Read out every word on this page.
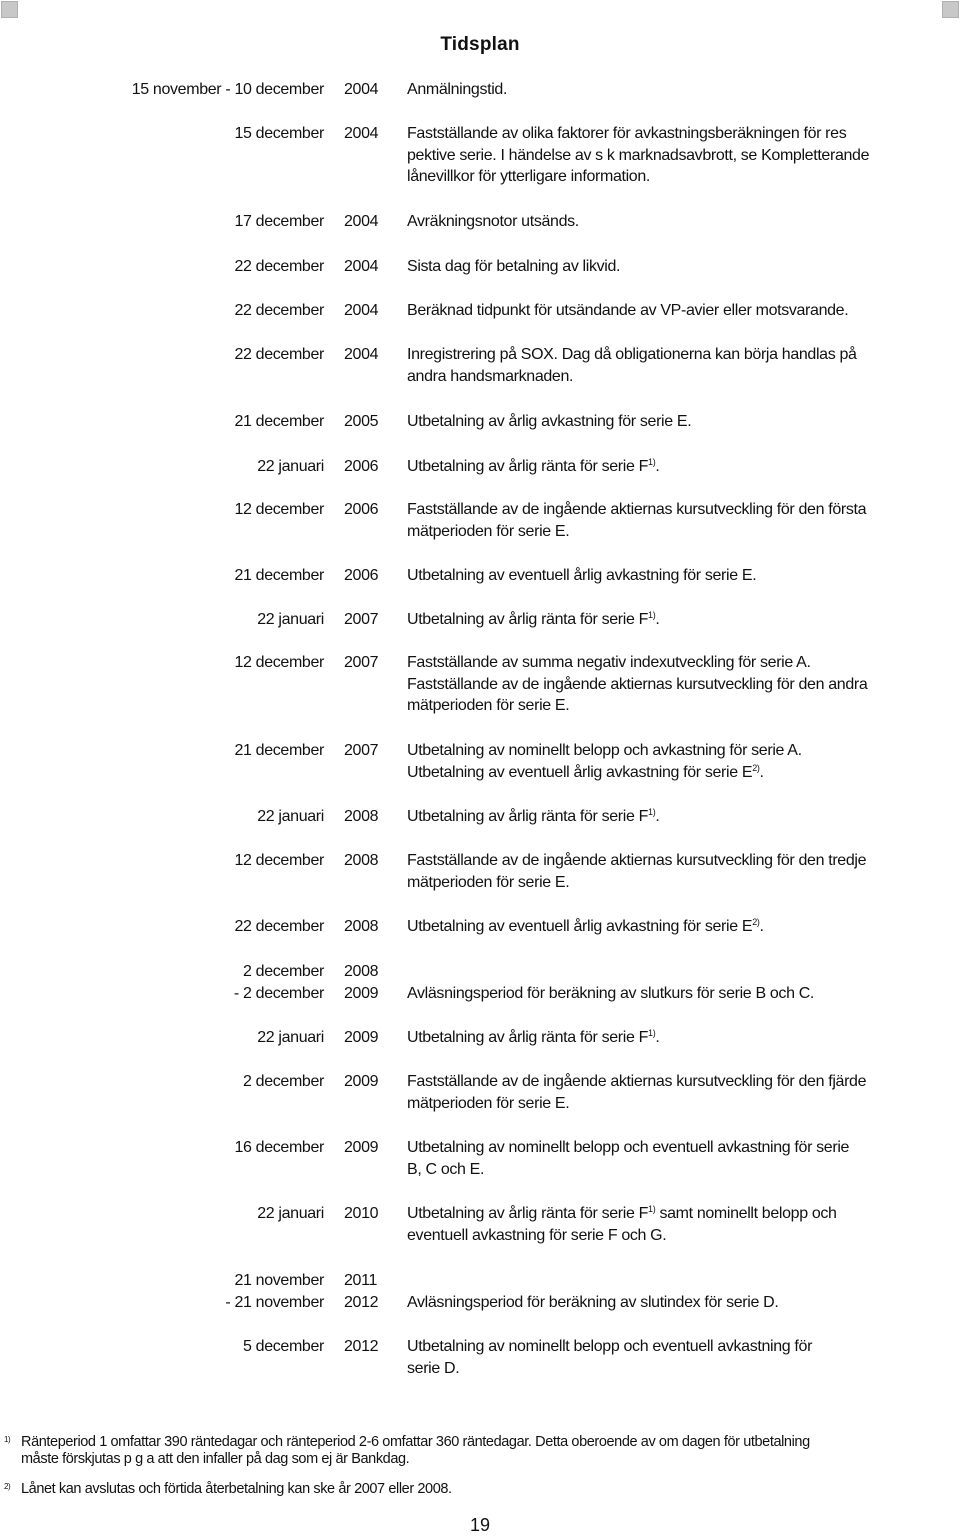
Tidsplan
15 november - 10 december 2004 Anmälningstid.
15 december 2004 Fastställande av olika faktorer för avkastningsberäkningen för res
pektive serie. I händelse av s k marknadsavbrott, se Kompletterande
lånevillkor för ytterligare information.
17 december 2004 Avräkningsnotor utsänds.
22 december 2004 Sista dag för betalning av likvid.
22 december 2004 Beräknad tidpunkt för utsändande av VP-avier eller motsvarande.
22 december 2004 Inregistrering på SOX. Dag då obligationerna kan börja handlas på
andra handsmarknaden.
21 december 2005 Utbetalning av årlig avkastning för serie E.
22 januari 2006 Utbetalning av årlig ränta för serie $F^{1)}$.
12 december 2006 Fastställande av de ingående aktiernas kursutveckling för den första
mätperioden för serie E.
21 december 2006 Utbetalning av eventuell årlig avkastning för serie E.
22 januari 2007 Utbetalning av årlig ränta för serie $F^{1)}$.
12 december 2007 Fastställande av summa negativ indexutveckling för serie A.
Fastställande av de ingående aktiernas kursutveckling för den andra
mätperioden för serie E.
21 december 2007 Utbetalning av nominellt belopp och avkastning för serie A.
Utbetalning av eventuell årlig avkastning för serie $E^{2)}$.
22 januari 2008 Utbetalning av årlig ränta för serie $F^{1)}$.
12 december 2008 Fastställande av de ingående aktiernas kursutveckling för den tredje
mätperioden för serie E.
22 december 2008 Utbetalning av eventuell årlig avkastning för serie $E^{2)}$.
2 december
- 2 december
2008
2009
Avläsningsperiod för beräkning av slutkurs för serie B och C.
22 januari 2009 Utbetalning av årlig ränta för serie $F^{1)}$.
2 december 2009 Fastställande av de ingående aktiernas kursutveckling för den fjärde
mätperioden för serie E.
16 december 2009 Utbetalning av nominellt belopp och eventuell avkastning för serie
B, C och E.
22 januari 2010 Utbetalning av årlig ränta för serie $F^{1)}$ samt nominellt belopp och
eventuell avkastning för serie F och G.
21 november
- 21 november
2011
2012
Avläsningsperiod för beräkning av slutindex för serie D.
5 december 2012 Utbetalning av nominellt belopp och eventuell avkastning för
serie D.
1) Ränteperiod 1 omfattar 390 räntedagar och ränteperiod 2-6 omfattar 360 räntedagar. Detta oberoende av om dagen för utbetalning
måste förskjutas p g a att den infaller på dag som ej är Bankdag.
2) Lånet kan avslutas och förtida återbetalning kan ske år 2007 eller 2008.
19
